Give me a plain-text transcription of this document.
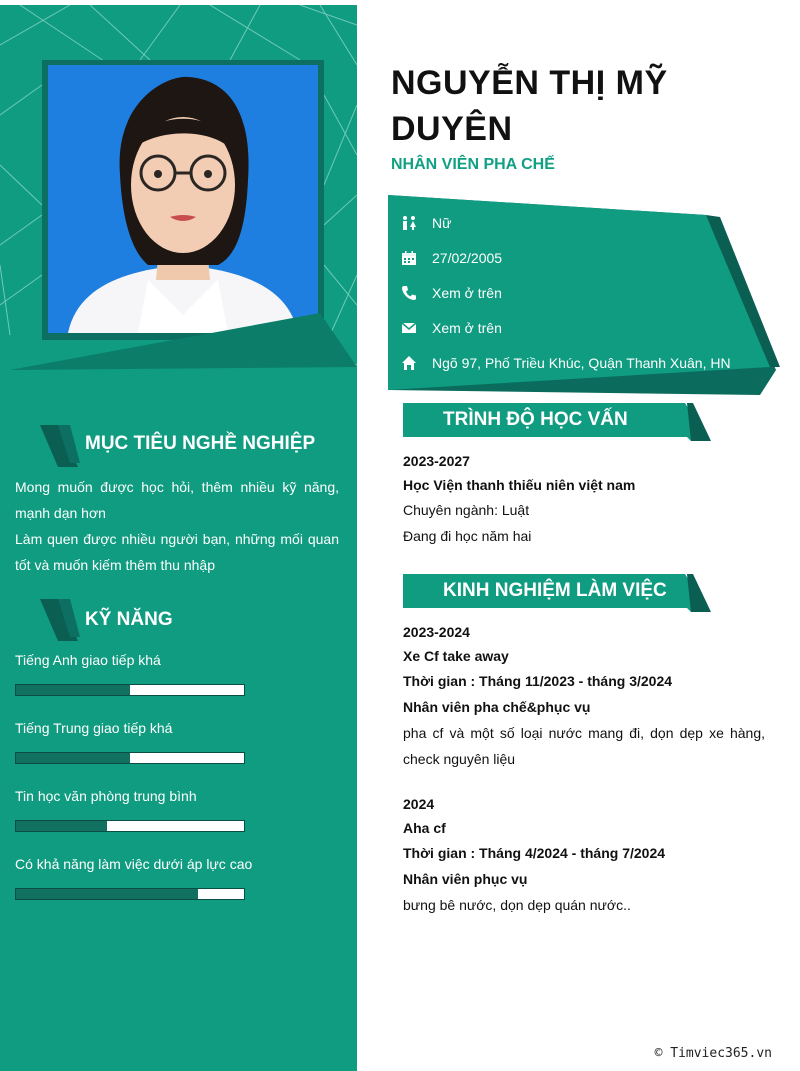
MỤC TIÊU NGHỀ NGHIỆP
Mong muốn được học hỏi, thêm nhiều kỹ năng, mạnh dạn hơn
Làm quen được nhiều người bạn, những mối quan tốt và muốn kiếm thêm thu nhập
KỸ NĂNG
Tiếng Anh giao tiếp khá
Tiếng Trung giao tiếp khá
Tin học văn phòng trung bình
Có khả năng làm việc dưới áp lực cao
NGUYỄN THỊ MỸ DUYÊN
NHÂN VIÊN PHA CHẾ
Nữ
27/02/2005
Xem ở trên
Xem ở trên
Ngõ 97, Phố Triều Khúc, Quận Thanh Xuân, HN
TRÌNH ĐỘ HỌC VẤN
2023-2027
Học Viện thanh thiếu niên việt nam
Chuyên ngành: Luật
Đang đi học năm hai
KINH NGHIỆM LÀM VIỆC
2023-2024
Xe Cf take away
Thời gian : Tháng 11/2023 - tháng 3/2024
Nhân viên pha chế&phục vụ
pha cf và một số loại nước mang đi, dọn dẹp xe hàng, check nguyên liệu
2024
Aha cf
Thời gian : Tháng 4/2024 - tháng 7/2024
Nhân viên phục vụ
bưng bê nước, dọn dẹp quán nước..
© Timviec365.vn
